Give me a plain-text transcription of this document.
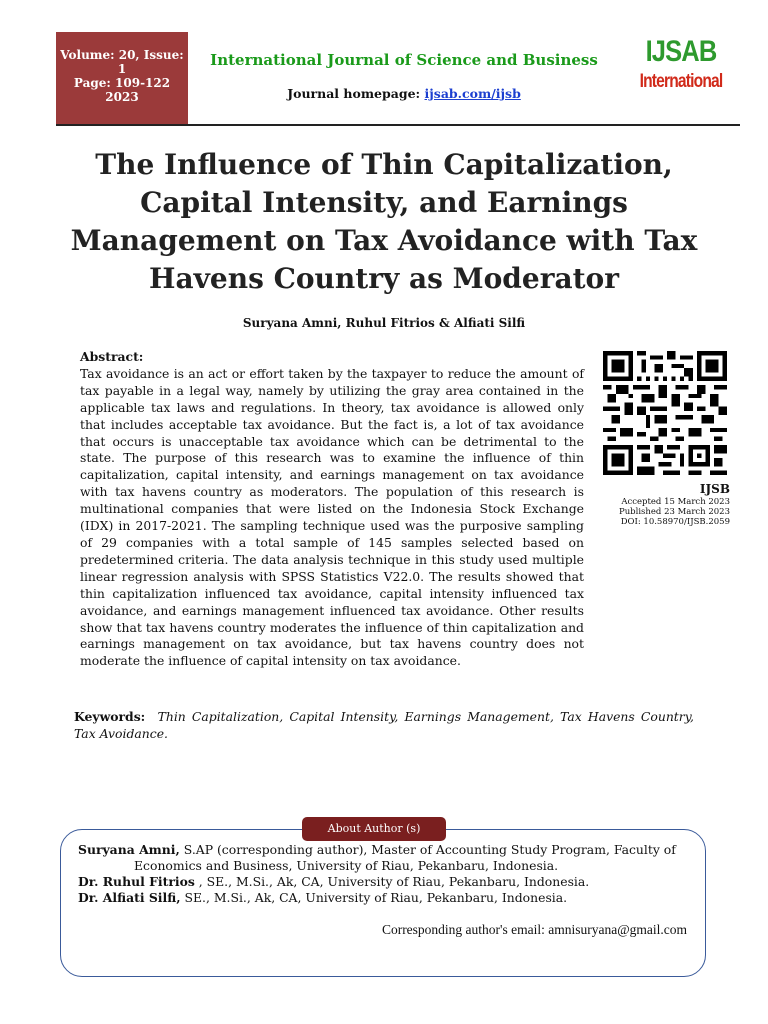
Volume: 20, Issue: 1
Page: 109-122
2023
International Journal of Science and Business
Journal homepage: ijsab.com/ijsb
IJSAB
International
The Influence of Thin Capitalization, Capital Intensity, and Earnings Management on Tax Avoidance with Tax Havens Country as Moderator
Suryana Amni, Ruhul Fitrios & Alfiati Silfi
Abstract:
Tax avoidance is an act or effort taken by the taxpayer to reduce the amount of tax payable in a legal way, namely by utilizing the gray area contained in the applicable tax laws and regulations. In theory, tax avoidance is allowed only that includes acceptable tax avoidance. But the fact is, a lot of tax avoidance that occurs is unacceptable tax avoidance which can be detrimental to the state. The purpose of this research was to examine the influence of thin capitalization, capital intensity, and earnings management on tax avoidance with tax havens country as moderators. The population of this research is multinational companies that were listed on the Indonesia Stock Exchange (IDX) in 2017-2021. The sampling technique used was the purposive sampling of 29 companies with a total sample of 145 samples selected based on predetermined criteria. The data analysis technique in this study used multiple linear regression analysis with SPSS Statistics V22.0. The results showed that thin capitalization influenced tax avoidance, capital intensity influenced tax avoidance, and earnings management influenced tax avoidance. Other results show that tax havens country moderates the influence of thin capitalization and earnings management on tax avoidance, but tax havens country does not moderate the influence of capital intensity on tax avoidance.
IJSB
Accepted 15 March 2023
Published 23 March 2023
DOI: 10.58970/IJSB.2059
Keywords: Thin Capitalization, Capital Intensity, Earnings Management, Tax Havens Country, Tax Avoidance.
About Author (s)

Suryana Amni, S.AP (corresponding author), Master of Accounting Study Program, Faculty of

Economics and Business, University of Riau, Pekanbaru, Indonesia.

Dr. Ruhul Fitrios , SE., M.Si., Ak, CA, University of Riau, Pekanbaru, Indonesia.

Dr. Alfiati Silfi, SE., M.Si., Ak, CA, University of Riau, Pekanbaru, Indonesia.

Corresponding author's email: amnisuryana@gmail.com
